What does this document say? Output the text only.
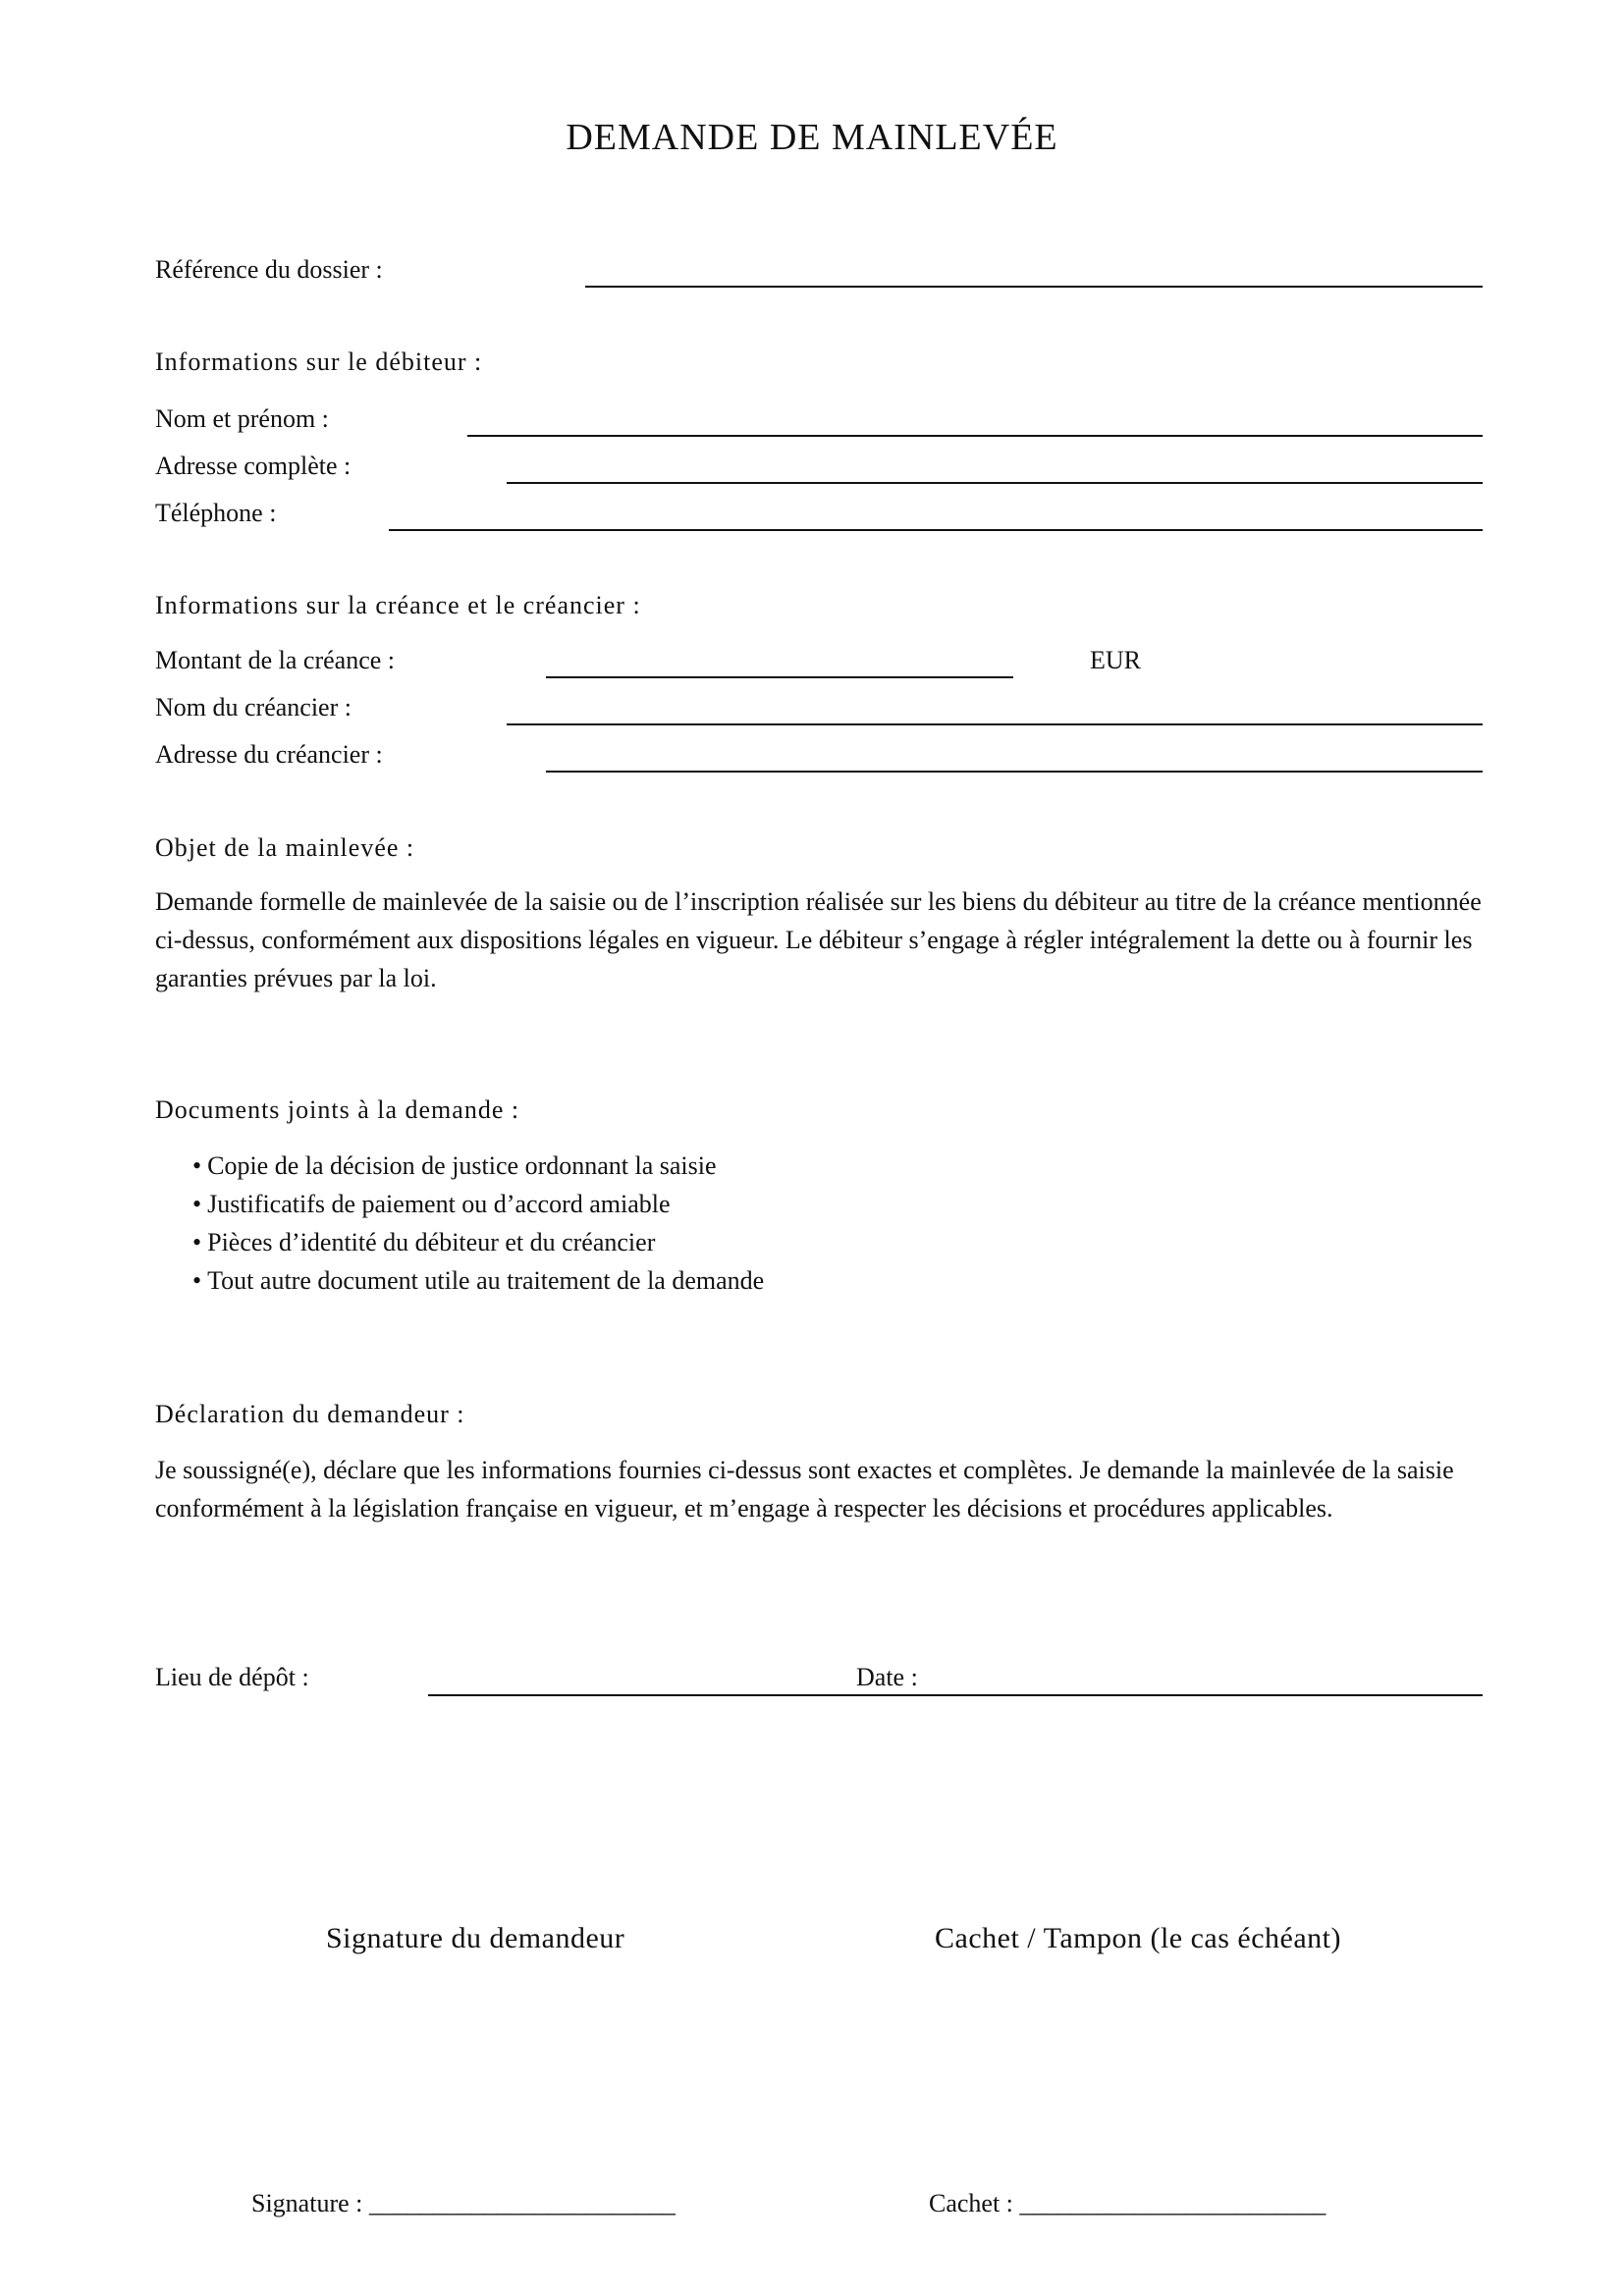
DEMANDE DE MAINLEVÉE
Référence du dossier :
Informations sur le débiteur :
Nom et prénom :
Adresse complète :
Téléphone :
Informations sur la créance et le créancier :
Montant de la créance :	EUR
Nom du créancier :
Adresse du créancier :
Objet de la mainlevée :
Demande formelle de mainlevée de la saisie ou de l’inscription réalisée sur les biens du débiteur au titre de la créance mentionnée ci-dessus, conformément aux dispositions légales en vigueur. Le débiteur s’engage à régler intégralement la dette ou à fournir les garanties prévues par la loi.
Documents joints à la demande :
• Copie de la décision de justice ordonnant la saisie
• Justificatifs de paiement ou d’accord amiable
• Pièces d’identité du débiteur et du créancier
• Tout autre document utile au traitement de la demande
Déclaration du demandeur :
Je soussigné(e), déclare que les informations fournies ci-dessus sont exactes et complètes. Je demande la mainlevée de la saisie conformément à la législation française en vigueur, et m’engage à respecter les décisions et procédures applicables.
Lieu de dépôt :	Date :
Signature du demandeur	Cachet / Tampon (le cas échéant)
Signature : ________________________	Cachet : ________________________
